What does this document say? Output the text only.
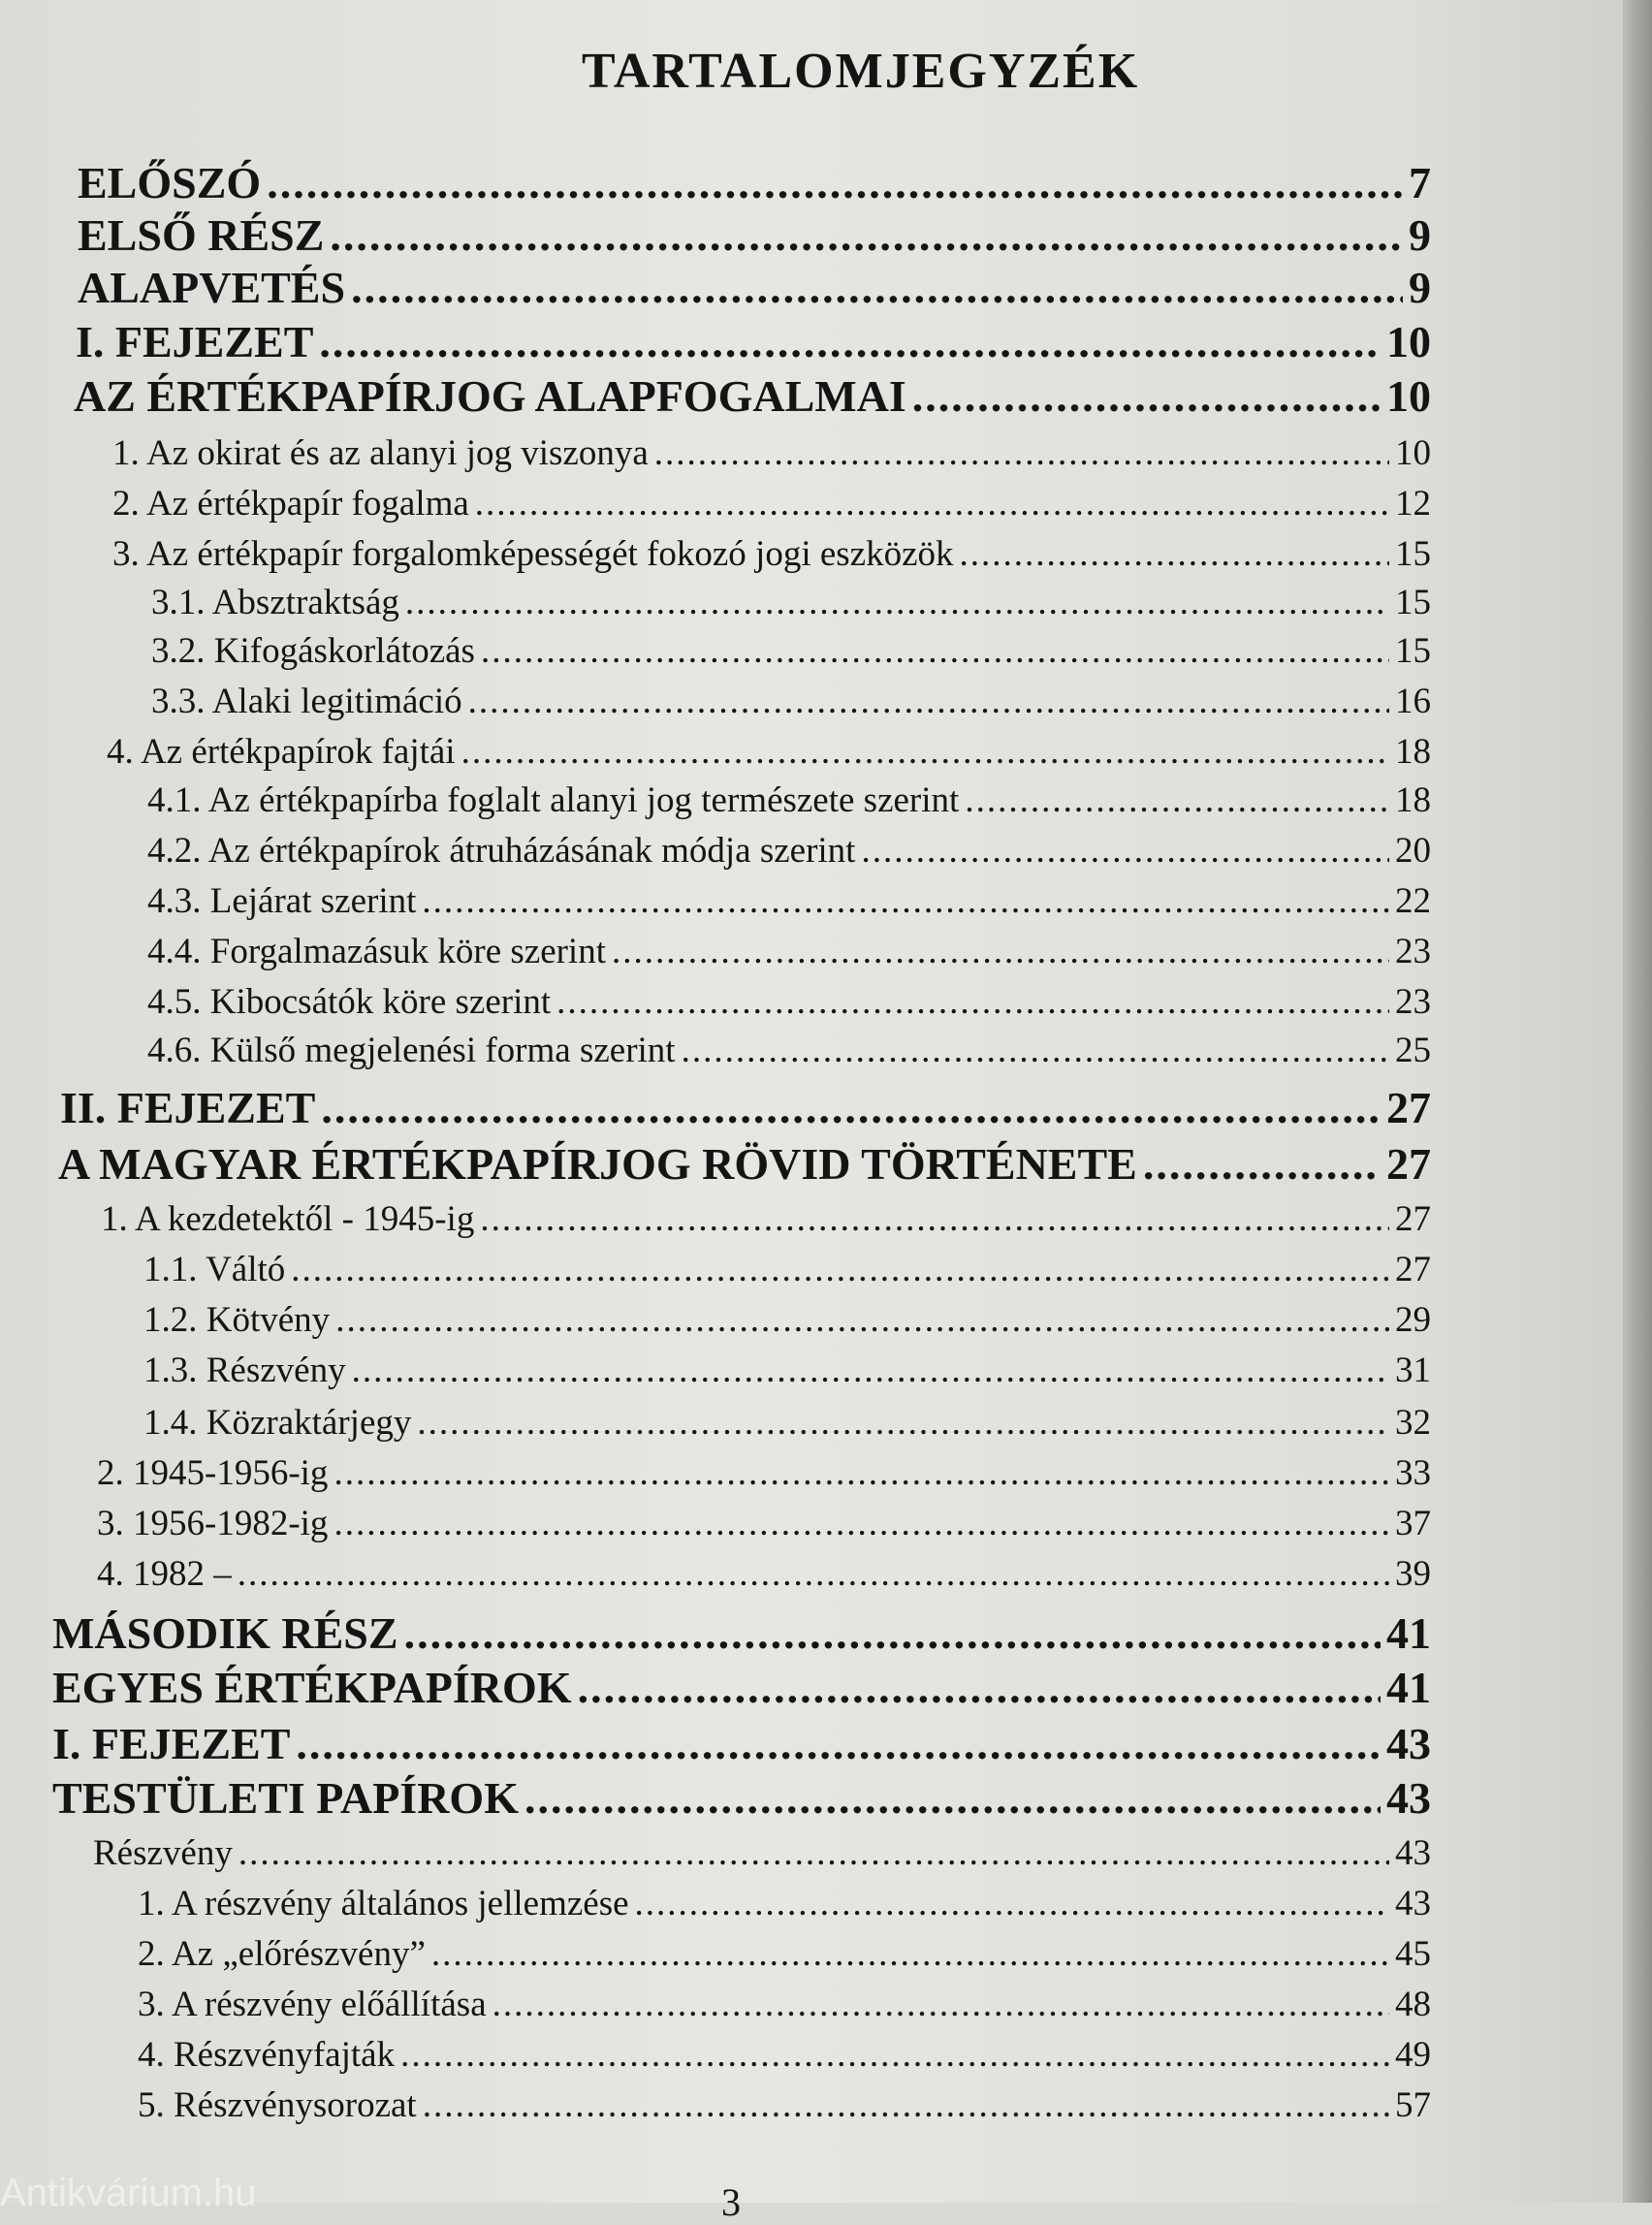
TARTALOMJEGYZÉK
ELŐSZÓ .....	7
ELSŐ RÉSZ .....	9
ALAPVETÉS .....	9
I. FEJEZET .....	10
AZ ÉRTÉKPAPÍRJOG ALAPFOGALMAI .....	10
1. Az okirat és az alanyi jog viszonya .....	10
2. Az értékpapír fogalma .....	12
3. Az értékpapír forgalomképességét fokozó jogi eszközök .....	15
3.1. Absztraktság .....	15
3.2. Kifogáskorlátozás .....	15
3.3. Alaki legitimáció .....	16
4. Az értékpapírok fajtái .....	18
4.1. Az értékpapírba foglalt alanyi jog természete szerint .....	18
4.2. Az értékpapírok átruházásának módja szerint .....	20
4.3. Lejárat szerint .....	22
4.4. Forgalmazásuk köre szerint .....	23
4.5. Kibocsátók köre szerint .....	23
4.6. Külső megjelenési forma szerint .....	25
II. FEJEZET .....	27
A MAGYAR ÉRTÉKPAPÍRJOG RÖVID TÖRTÉNETE .....	27
1. A kezdetektől - 1945-ig .....	27
1.1. Váltó .....	27
1.2. Kötvény .....	29
1.3. Részvény .....	31
1.4. Közraktárjegy .....	32
2. 1945-1956-ig .....	33
3. 1956-1982-ig .....	37
4. 1982 – .....	39
MÁSODIK RÉSZ .....	41
EGYES ÉRTÉKPAPÍROK .....	41
I. FEJEZET .....	43
TESTÜLETI PAPÍROK .....	43
Részvény .....	43
1. A részvény általános jellemzése .....	43
2. Az „előrészvény” .....	45
3. A részvény előállítása .....	48
4. Részvényfajták .....	49
5. Részvénysorozat .....	57
Antikvárium.hu	3
